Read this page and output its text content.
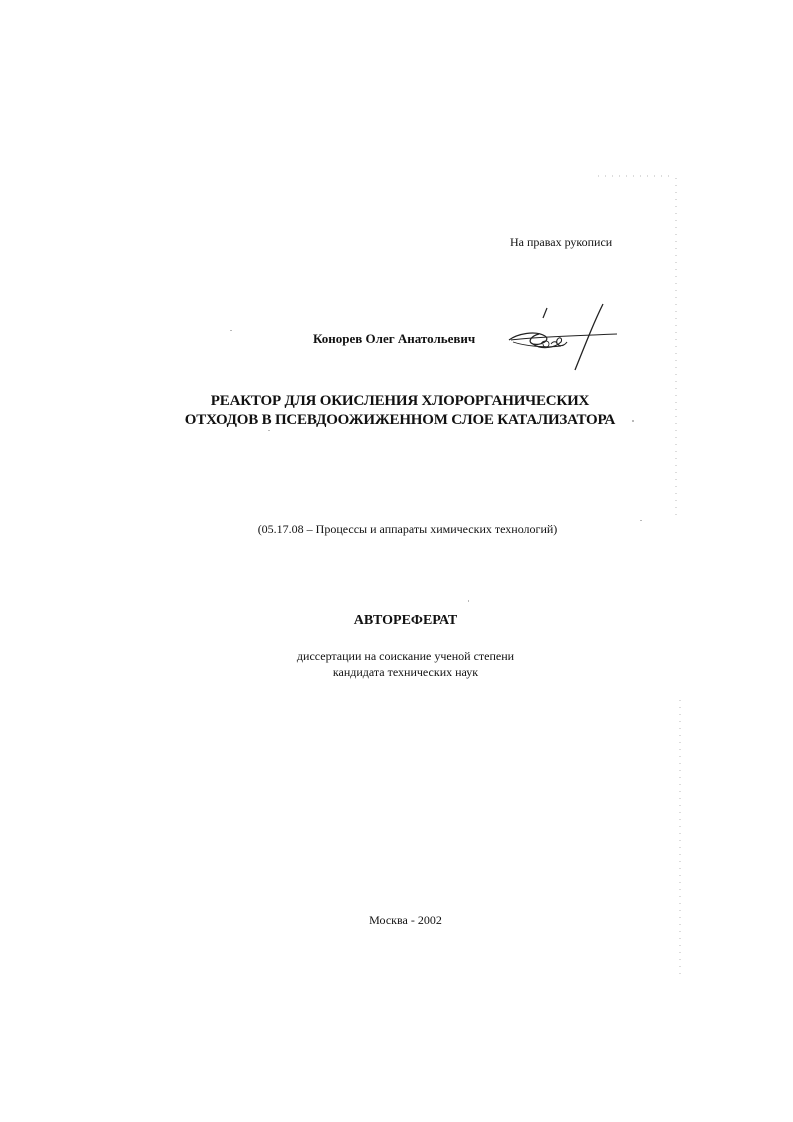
На правах рукописи
Конорев Олег Анатольевич
РЕАКТОР ДЛЯ ОКИСЛЕНИЯ ХЛОРОРГАНИЧЕСКИХ
ОТХОДОВ В ПСЕВДООЖИЖЕННОМ СЛОЕ КАТАЛИЗАТОРА
(05.17.08 – Процессы и аппараты химических технологий)
АВТОРЕФЕРАТ
диссертации на соискание ученой степени
кандидата технических наук
Москва - 2002
